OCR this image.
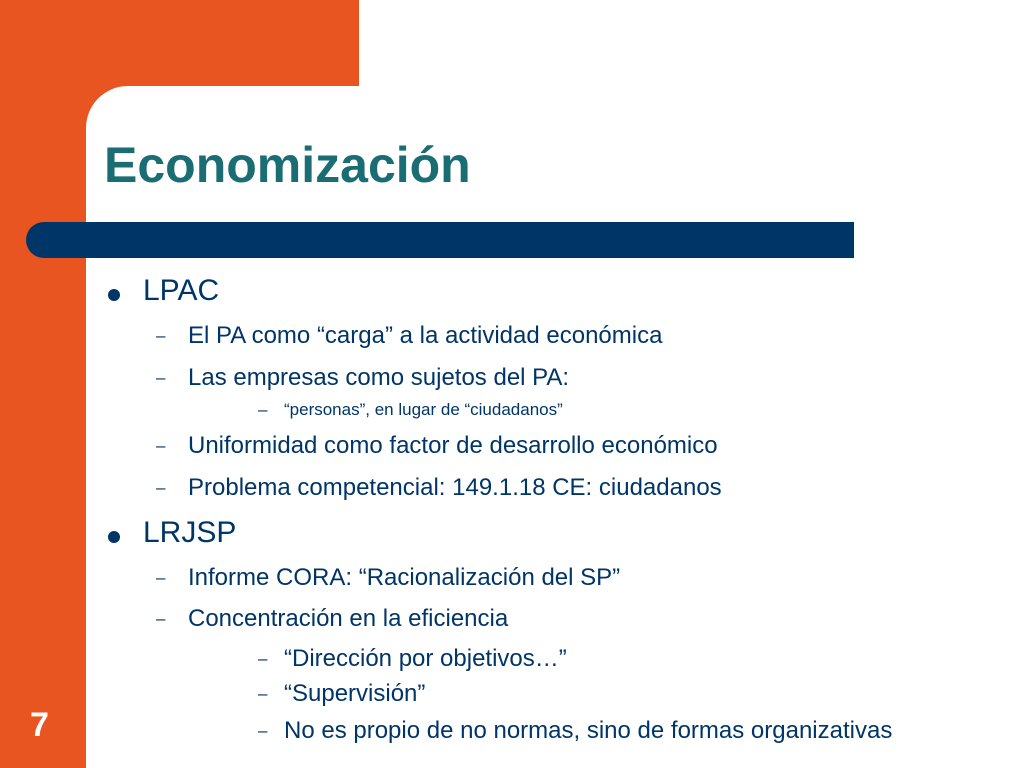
Economización
LPAC
– El PA como “carga” a la actividad económica
– Las empresas como sujetos del PA:
– “personas”, en lugar de “ciudadanos”
– Uniformidad como factor de desarrollo económico
– Problema competencial: 149.1.18 CE: ciudadanos
LRJSP
– Informe CORA: “Racionalización del SP”
– Concentración en la eficiencia
– “Dirección por objetivos…”
– “Supervisión”
– No es propio de no normas, sino de formas organizativas
7
